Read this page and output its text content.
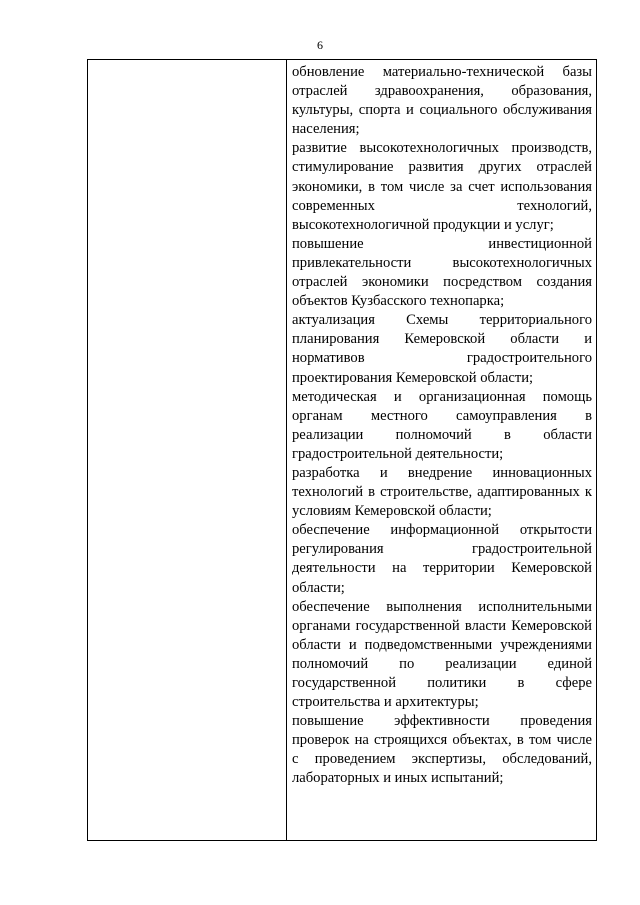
6

обновление материально-технической базы отраслей здравоохранения, образования, культуры, спорта и социального обслуживания населения;

развитие высокотехнологичных производств, стимулирование развития других отраслей экономики, в том числе за счет использования современных технологий, высокотехнологичной продукции и услуг;

повышение инвестиционной привлекательности высокотехнологичных отраслей экономики посредством создания объектов Кузбасского технопарка;

актуализация Схемы территориального планирования Кемеровской области и нормативов градостроительного проектирования Кемеровской области;

методическая и организационная помощь органам местного самоуправления в реализации полномочий в области градостроительной деятельности;

разработка и внедрение инновационных технологий в строительстве, адаптированных к условиям Кемеровской области;

обеспечение информационной открытости регулирования градостроительной деятельности на территории Кемеровской области;

обеспечение выполнения исполнительными органами государственной власти Кемеровской области и подведомственными учреждениями полномочий по реализации единой государственной политики в сфере строительства и архитектуры;

повышение эффективности проведения проверок на строящихся объектах, в том числе с проведением экспертизы, обследований, лабораторных и иных испытаний;
